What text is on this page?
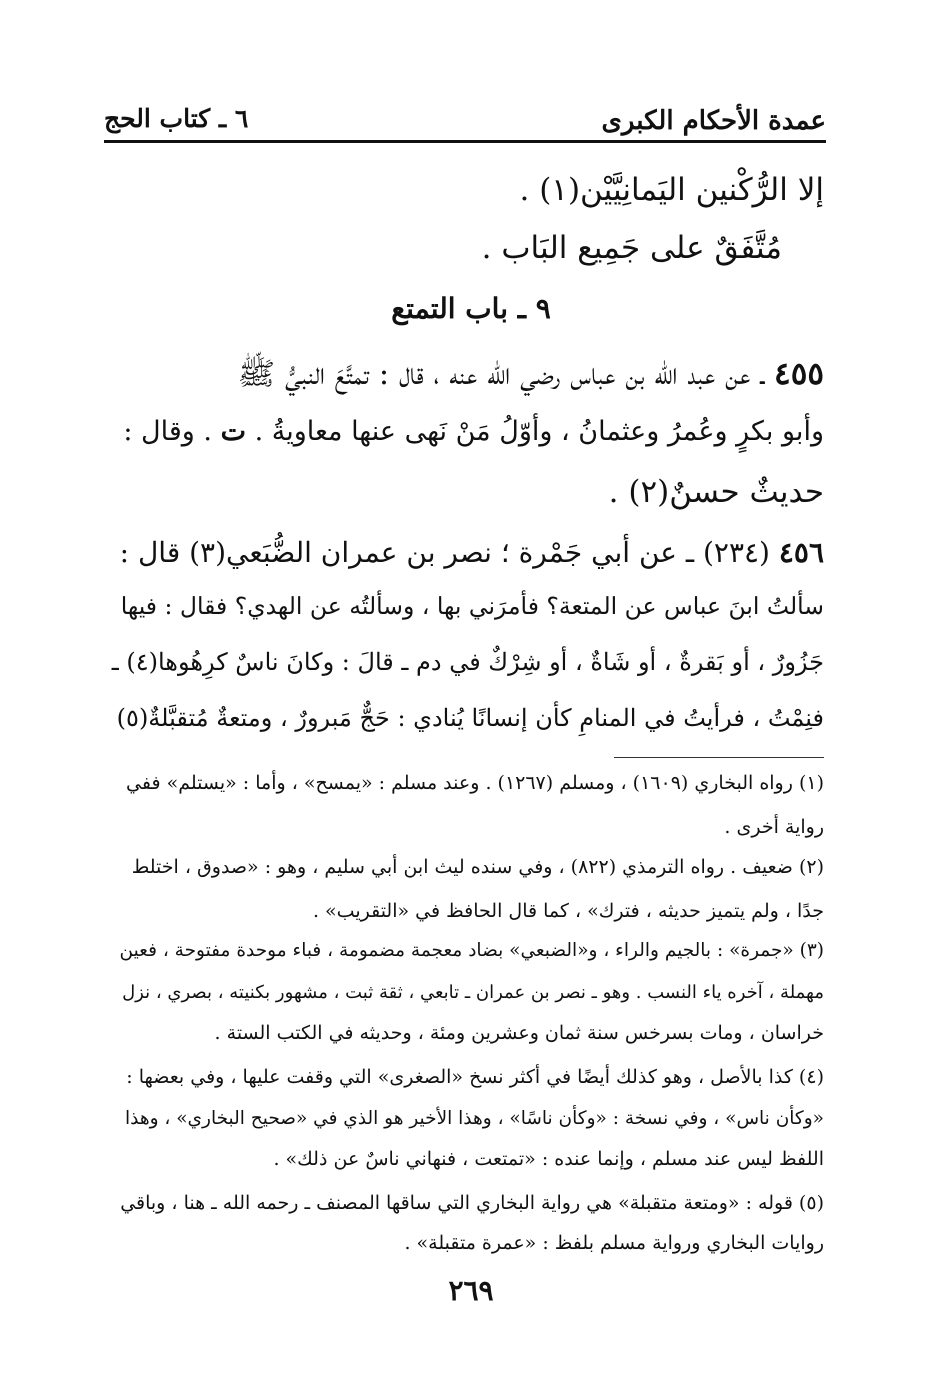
عمدة الأحكام الكبرى
٦ ـ كتاب الحج
إلا الرُّكْنين اليَمانِيَّيْن(١) .
مُتَّفَقٌ على جَمِيع البَاب .
٩ ـ باب التمتع
٤٥٥ ـ عن عبد الله بن عباس رضي الله عنه ، قال : تمتَّعَ النبيُّ ﷺ
وأبو بكرٍ وعُمرُ وعثمانُ ، وأوّلُ مَنْ نَهى عنها معاويةُ . ت . وقال :
حديثٌ حسنٌ(٢) .
٤٥٦ (٢٣٤) ـ عن أبي جَمْرة ؛ نصر بن عمران الضُّبَعي(٣) قال :
سألتُ ابنَ عباس عن المتعة؟ فأمرَني بها ، وسألتُه عن الهدي؟ فقال : فيها
جَزُورٌ ، أو بَقرةٌ ، أو شَاةٌ ، أو شِرْكٌ في دم ـ قالَ : وكانَ ناسٌ كرِهُوها(٤) ـ
فنِمْتُ ، فرأيتُ في المنامِ كأن إنسانًا يُنادي : حَجٌّ مَبرورٌ ، ومتعةٌ مُتقبَّلةٌ(٥)
(١) رواه البخاري (١٦٠٩) ، ومسلم (١٢٦٧) . وعند مسلم : «يمسح» ، وأما : «يستلم» ففي
رواية أخرى .
(٢) ضعيف . رواه الترمذي (٨٢٢) ، وفي سنده ليث ابن أبي سليم ، وهو : «صدوق ، اختلط
جدًا ، ولم يتميز حديثه ، فترك» ، كما قال الحافظ في «التقريب» .
(٣) «جمرة» : بالجيم والراء ، و«الضبعي» بضاد معجمة مضمومة ، فباء موحدة مفتوحة ، فعين
مهملة ، آخره ياء النسب . وهو ـ نصر بن عمران ـ تابعي ، ثقة ثبت ، مشهور بكنيته ، بصري ، نزل
خراسان ، ومات بسرخس سنة ثمان وعشرين ومئة ، وحديثه في الكتب الستة .
(٤) كذا بالأصل ، وهو كذلك أيضًا في أكثر نسخ «الصغرى» التي وقفت عليها ، وفي بعضها :
«وكأن ناس» ، وفي نسخة : «وكأن ناسًا» ، وهذا الأخير هو الذي في «صحيح البخاري» ، وهذا
اللفظ ليس عند مسلم ، وإنما عنده : «تمتعت ، فنهاني ناسٌ عن ذلك» .
(٥) قوله : «ومتعة متقبلة» هي رواية البخاري التي ساقها المصنف ـ رحمه الله ـ هنا ، وباقي
روايات البخاري ورواية مسلم بلفظ : «عمرة متقبلة» .
٢٦٩
